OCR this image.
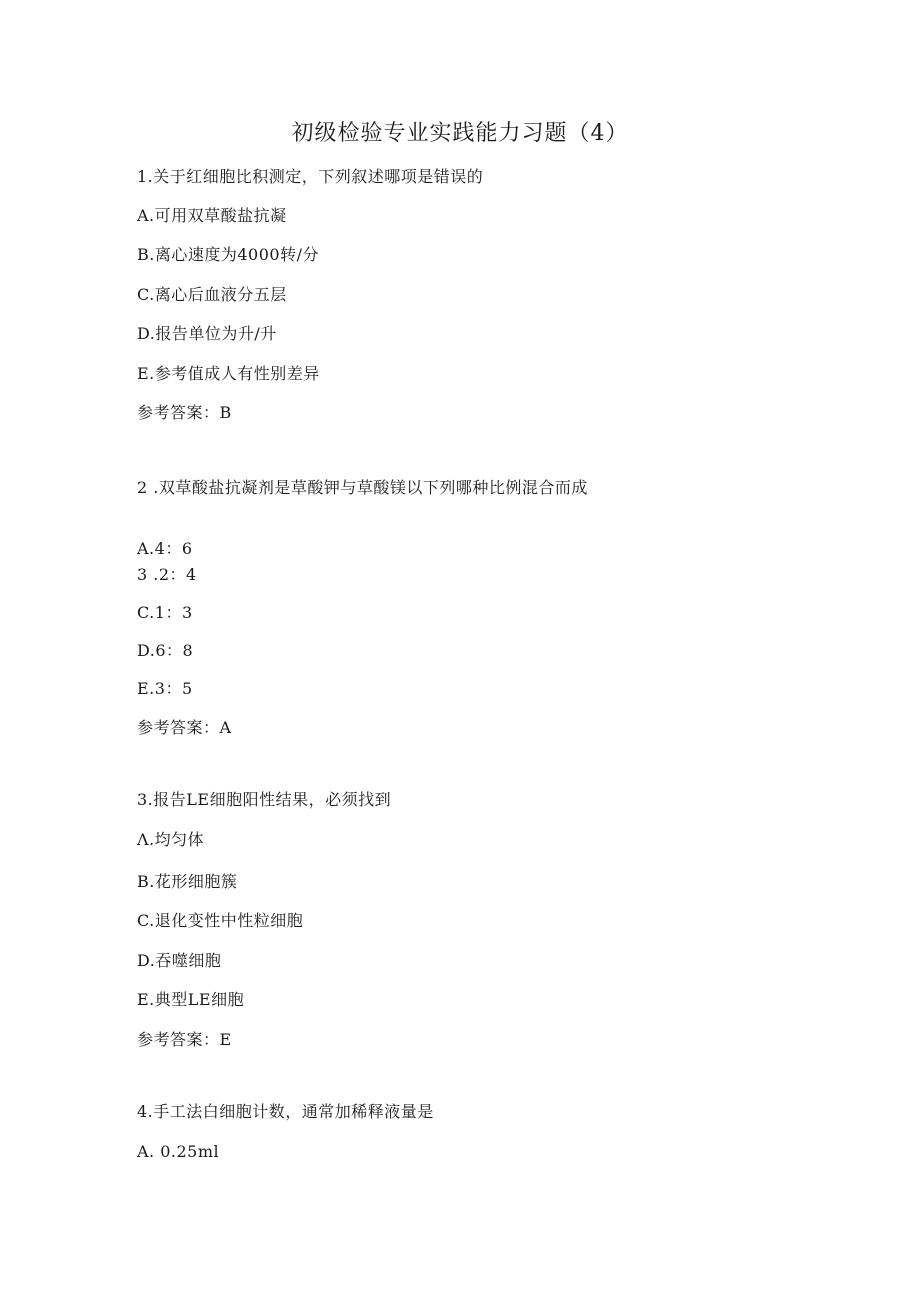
初级检验专业实践能力习题（4）
1.关于红细胞比积测定，下列叙述哪项是错误的
A.可用双草酸盐抗凝
B.离心速度为4000转/分
C.离心后血液分五层
D.报告单位为升/升
E.参考值成人有性别差异
参考答案：B
2 .双草酸盐抗凝剂是草酸钾与草酸镁以下列哪种比例混合而成
A.4：6
3 .2：4
C.1：3
D.6：8
E.3：5
参考答案：A
3.报告LE细胞阳性结果，必须找到
Λ.均匀体
B.花形细胞簇
C.退化变性中性粒细胞
D.吞噬细胞
E.典型LE细胞
参考答案：E
4.手工法白细胞计数，通常加稀释液量是
A. 0.25ml
